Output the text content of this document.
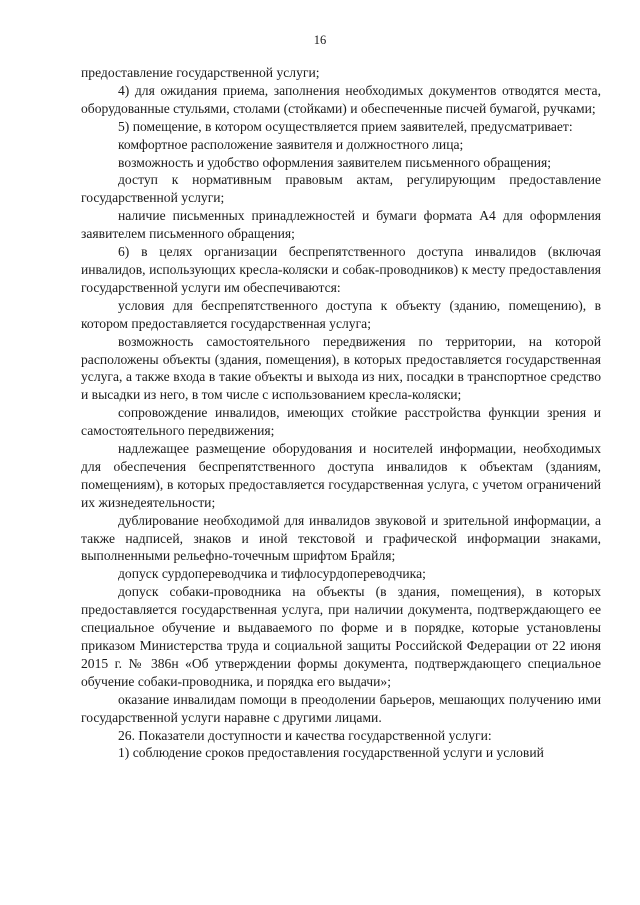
16

предоставление государственной услуги;

4) для ожидания приема, заполнения необходимых документов отводятся места, оборудованные стульями, столами (стойками) и обеспеченные писчей бумагой, ручками;

5) помещение, в котором осуществляется прием заявителей, предусматривает:

комфортное расположение заявителя и должностного лица;

возможность и удобство оформления заявителем письменного обращения;

доступ к нормативным правовым актам, регулирующим предоставление государственной услуги;

наличие письменных принадлежностей и бумаги формата А4 для оформления заявителем письменного обращения;

6) в целях организации беспрепятственного доступа инвалидов (включая инвалидов, использующих кресла-коляски и собак-проводников) к месту предоставления государственной услуги им обеспечиваются:

условия для беспрепятственного доступа к объекту (зданию, помещению), в котором предоставляется государственная услуга;

возможность самостоятельного передвижения по территории, на которой расположены объекты (здания, помещения), в которых предоставляется государственная услуга, а также входа в такие объекты и выхода из них, посадки в транспортное средство и высадки из него, в том числе с использованием кресла-коляски;

сопровождение инвалидов, имеющих стойкие расстройства функции зрения и самостоятельного передвижения;

надлежащее размещение оборудования и носителей информации, необходимых для обеспечения беспрепятственного доступа инвалидов к объектам (зданиям, помещениям), в которых предоставляется государственная услуга, с учетом ограничений их жизнедеятельности;

дублирование необходимой для инвалидов звуковой и зрительной информации, а также надписей, знаков и иной текстовой и графической информации знаками, выполненными рельефно-точечным шрифтом Брайля;

допуск сурдопереводчика и тифлосурдопереводчика;

допуск собаки-проводника на объекты (в здания, помещения), в которых предоставляется государственная услуга, при наличии документа, подтверждающего ее специальное обучение и выдаваемого по форме и в порядке, которые установлены приказом Министерства труда и социальной защиты Российской Федерации от 22 июня 2015 г. № 386н «Об утверждении формы документа, подтверждающего специальное обучение собаки-проводника, и порядка его выдачи»;

оказание инвалидам помощи в преодолении барьеров, мешающих получению ими государственной услуги наравне с другими лицами.

26. Показатели доступности и качества государственной услуги:

1) соблюдение сроков предоставления государственной услуги и условий
